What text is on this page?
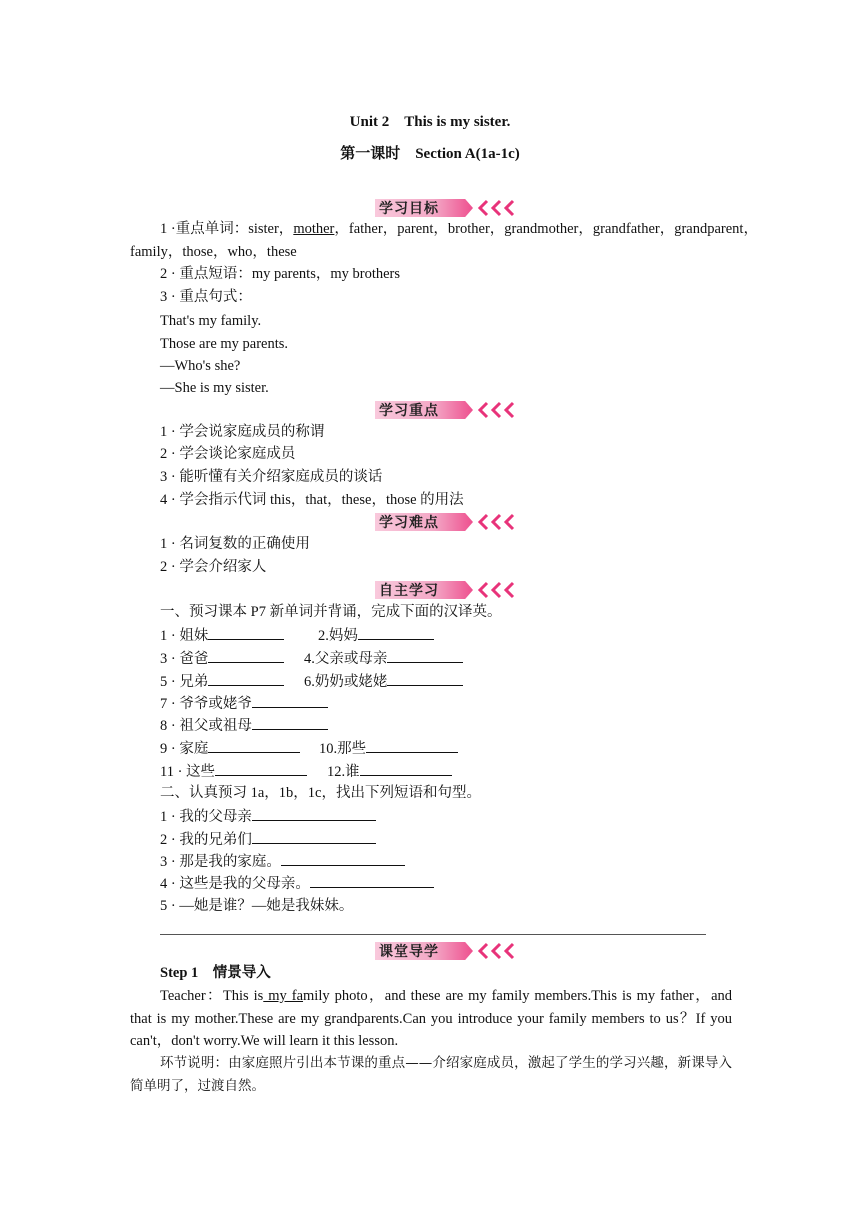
Unit 2　This is my sister.
第一课时　Section A(1a-1c)
学习目标
1 ·重点单词：sister，mother，father，parent，brother，grandmother，grandfather，grandparent，
family，those，who，these
2 · 重点短语：my parents，my brothers
3 · 重点句式：
That's my family.
Those are my parents.
—Who's she?
—She is my sister.
学习重点
1 · 学会说家庭成员的称谓
2 · 学会谈论家庭成员
3 · 能听懂有关介绍家庭成员的谈话
4 · 学会指示代词 this，that，these，those 的用法
学习难点
1 · 名词复数的正确使用
2 · 学会介绍家人
自主学习
一、预习课本 P7 新单词并背诵，完成下面的汉译英。
1 · 姐妹	2.妈妈
3 · 爸爸	4.父亲或母亲
5 · 兄弟	6.奶奶或姥姥
7 · 爷爷或姥爷
8 · 祖父或祖母
9 · 家庭	10.那些
11 · 这些	12.谁
二、认真预习 1a，1b，1c，找出下列短语和句型。
1 · 我的父母亲
2 · 我的兄弟们
3 · 那是我的家庭。
4 · 这些是我的父母亲。
5 · —她是谁？—她是我妹妹。
课堂导学
Step 1　情景导入
Teacher：This is my family photo，and these are my family members.This is my father，and that is my mother.These are my grandparents.Can you introduce your family members to us？If you can't，don't worry.We will learn it this lesson.
环节说明：由家庭照片引出本节课的重点——介绍家庭成员，激起了学生的学习兴趣，新课导入简单明了，过渡自然。
